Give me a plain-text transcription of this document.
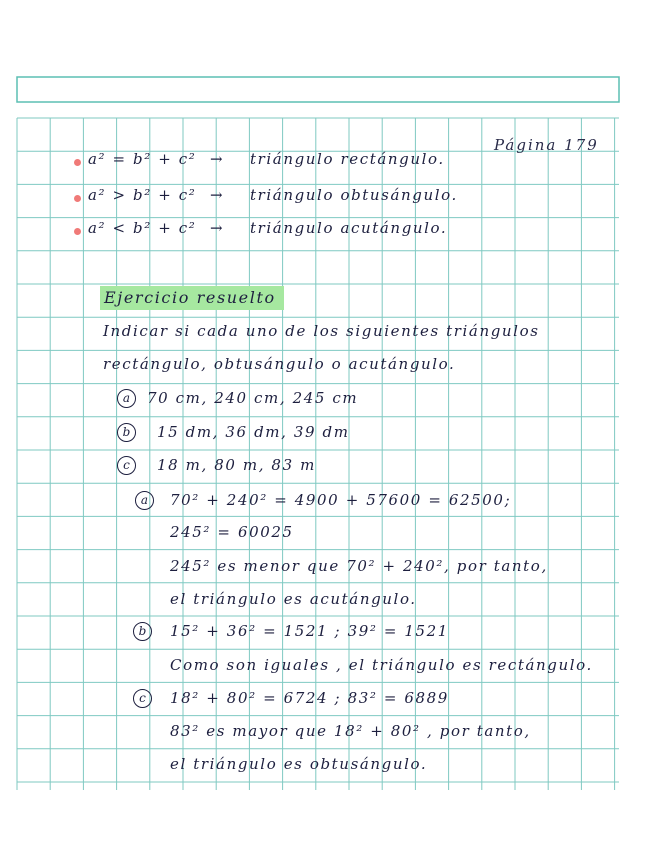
Página 179
a² = b² + c² → triángulo rectángulo.
a² > b² + c² → triángulo obtusángulo.
a² < b² + c² → triángulo acutángulo.
Ejercicio resuelto
Indicar si cada uno de los siguientes triángulos
rectángulo, obtusángulo o acutángulo.
a	70 cm, 240 cm, 245 cm
b	15 dm, 36 dm, 39 dm
c	18 m, 80 m, 83 m
a	70² + 240² = 4900 + 57600 = 62500;
245² = 60025
245² es menor que 70² + 240², por tanto,
el triángulo es acutángulo.
b	15² + 36² = 1521 ; 39² = 1521
Como son iguales , el triángulo es rectángulo.
c	18² + 80² = 6724 ; 83² = 6889
83² es mayor que 18² + 80² , por tanto,
el triángulo es obtusángulo.
